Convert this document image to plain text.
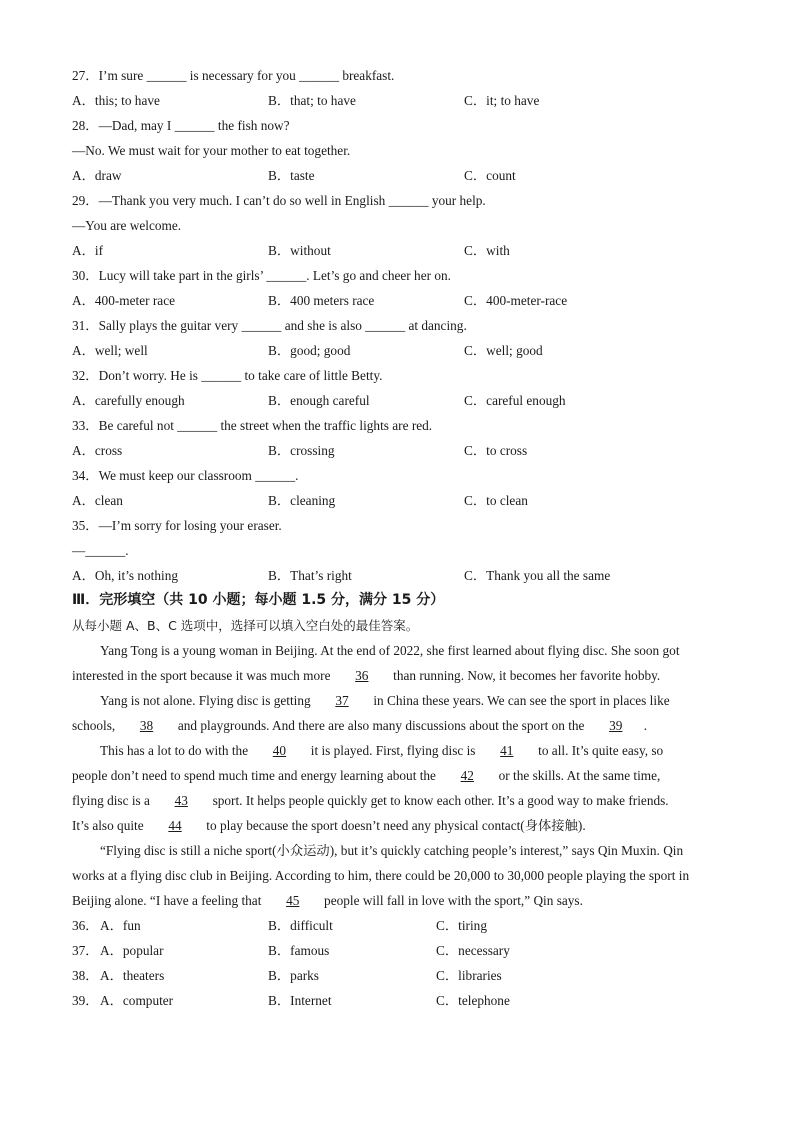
27．I’m sure ______ is necessary for you ______ breakfast.
A．this; to have	B．that; to have	C．it; to have
28．—Dad, may I ______ the fish now?
—No. We must wait for your mother to eat together.
A．draw	B．taste	C．count
29．—Thank you very much. I can’t do so well in English ______ your help.
—You are welcome.
A．if	B．without	C．with
30．Lucy will take part in the girls’ ______. Let’s go and cheer her on.
A．400-meter race	B．400 meters race	C．400-meter-race
31．Sally plays the guitar very ______ and she is also ______ at dancing.
A．well; well	B．good; good	C．well; good
32．Don’t worry. He is ______ to take care of little Betty.
A．carefully enough	B．enough careful	C．careful enough
33．Be careful not ______ the street when the traffic lights are red.
A．cross	B．crossing	C．to cross
34．We must keep our classroom ______.
A．clean	B．cleaning	C．to clean
35．—I’m sorry for losing your eraser.
—______.
A．Oh, it’s nothing	B．That’s right	C．Thank you all the same
Ⅲ．完形填空（共 10 小题；每小题 1.5 分，满分 15 分）
从每小题 A、B、C 选项中，选择可以填入空白处的最佳答案。
Yang Tong is a young woman in Beijing. At the end of 2022, she first learned about flying disc. She soon got
interested in the sport because it was much more 36 than running. Now, it becomes her favorite hobby.
Yang is not alone. Flying disc is getting 37 in China these years. We can see the sport in places like
schools, 38 and playgrounds. And there are also many discussions about the sport on the 39 .
This has a lot to do with the 40 it is played. First, flying disc is 41 to all. It’s quite easy, so
people don’t need to spend much time and energy learning about the 42 or the skills. At the same time,
flying disc is a 43 sport. It helps people quickly get to know each other. It’s a good way to make friends.
It’s also quite 44 to play because the sport doesn’t need any physical contact(身体接触).
“Flying disc is still a niche sport(小众运动), but it’s quickly catching people’s interest,” says Qin Muxin. Qin
works at a flying disc club in Beijing. According to him, there could be 20,000 to 30,000 people playing the sport in
Beijing alone. “I have a feeling that 45 people will fall in love with the sport,” Qin says.
36． A．fun	B．difficult	C．tiring
37． A．popular	B．famous	C．necessary
38． A．theaters	B．parks	C．libraries
39． A．computer	B．Internet	C．telephone
